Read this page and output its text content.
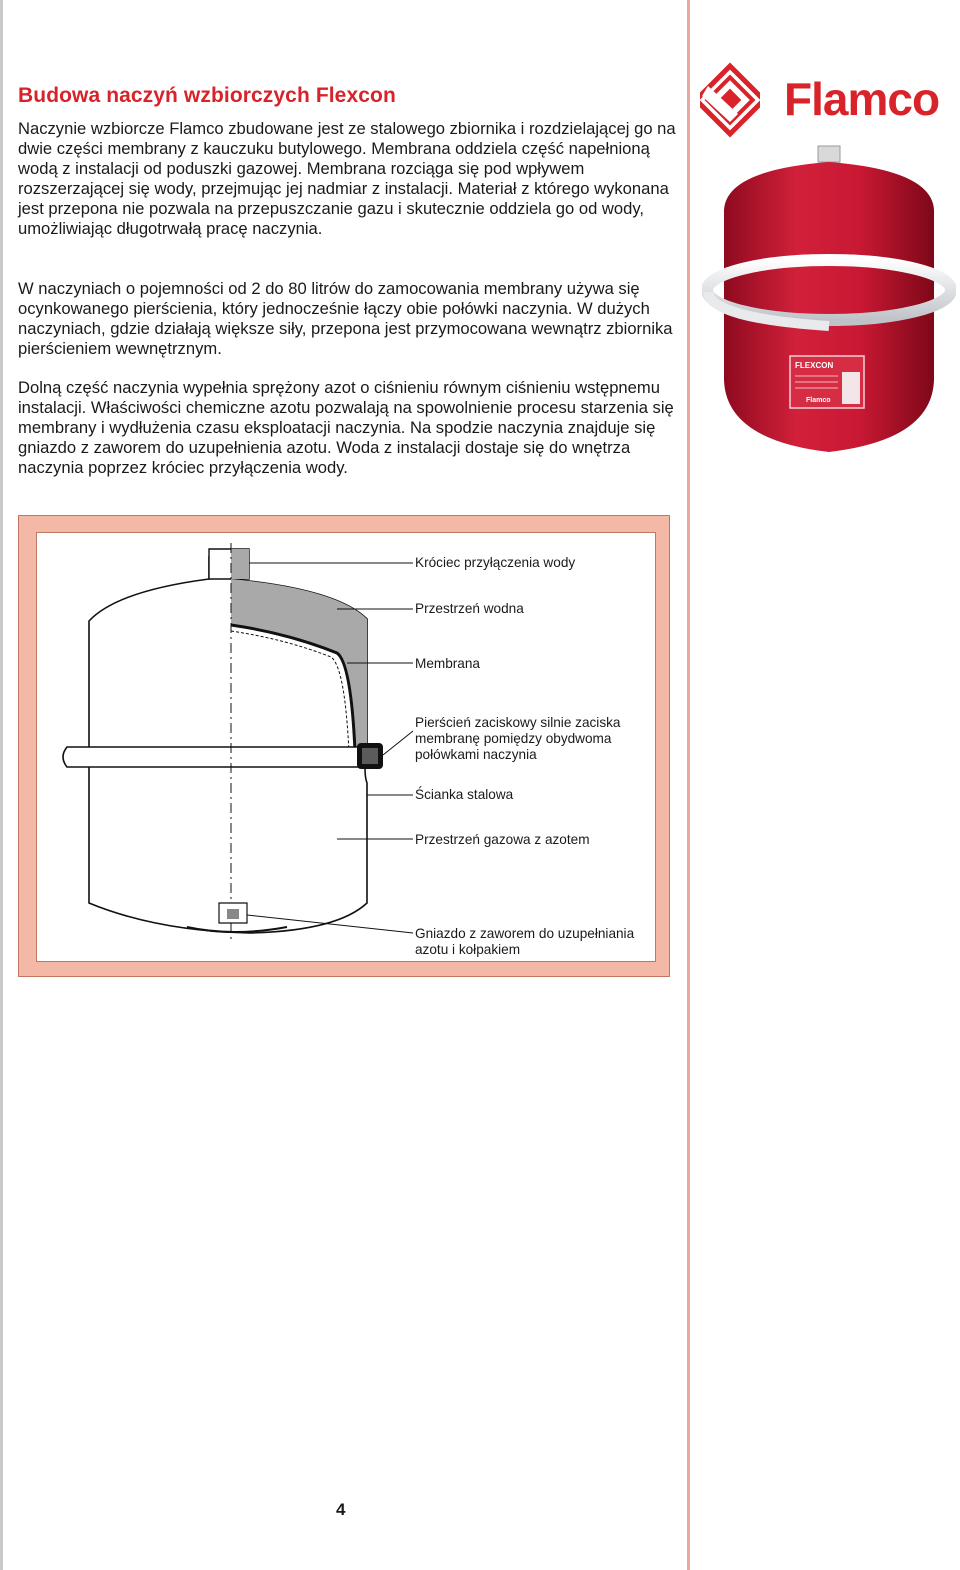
Budowa naczyń wzbiorczych Flexcon

Naczynie wzbiorcze Flamco zbudowane jest ze stalowego zbiornika i rozdzielającej go na dwie części membrany z kauczuku butylowego. Membrana oddziela część napełnioną wodą z instalacji od poduszki gazowej. Membrana rozciąga się pod wpływem rozszerzającej się wody, przejmując jej nadmiar z instalacji. Materiał z którego wykonana jest przepona nie pozwala na przepuszczanie gazu i skutecznie oddziela go od wody, umożliwiając długotrwałą pracę naczynia.

W naczyniach o pojemności od 2 do 80 litrów do zamocowania membrany używa się ocynkowanego pierścienia, który jednocześnie łączy obie połówki naczynia. W dużych naczyniach, gdzie działają większe siły, przepona jest przymocowana wewnątrz zbiornika pierścieniem wewnętrznym.

Dolną część naczynia wypełnia sprężony azot o ciśnieniu równym ciśnieniu wstępnemu instalacji. Właściwości chemiczne azotu pozwalają na spowolnienie procesu starzenia się membrany i wydłużenia czasu eksploatacji naczynia. Na spodzie naczynia znajduje się gniazdo z zaworem do uzupełnienia azotu. Woda z instalacji dostaje się do wnętrza naczynia poprzez króciec przyłączenia wody.

Flamco
FLEXCON
Flamco

Króciec przyłączenia wody

Przestrzeń wodna

Membrana

Pierścień zaciskowy silnie zaciska membranę pomiędzy obydwoma połówkami naczynia

Ścianka stalowa

Przestrzeń gazowa z azotem

Gniazdo z zaworem do uzupełniania azotu i kołpakiem

4
